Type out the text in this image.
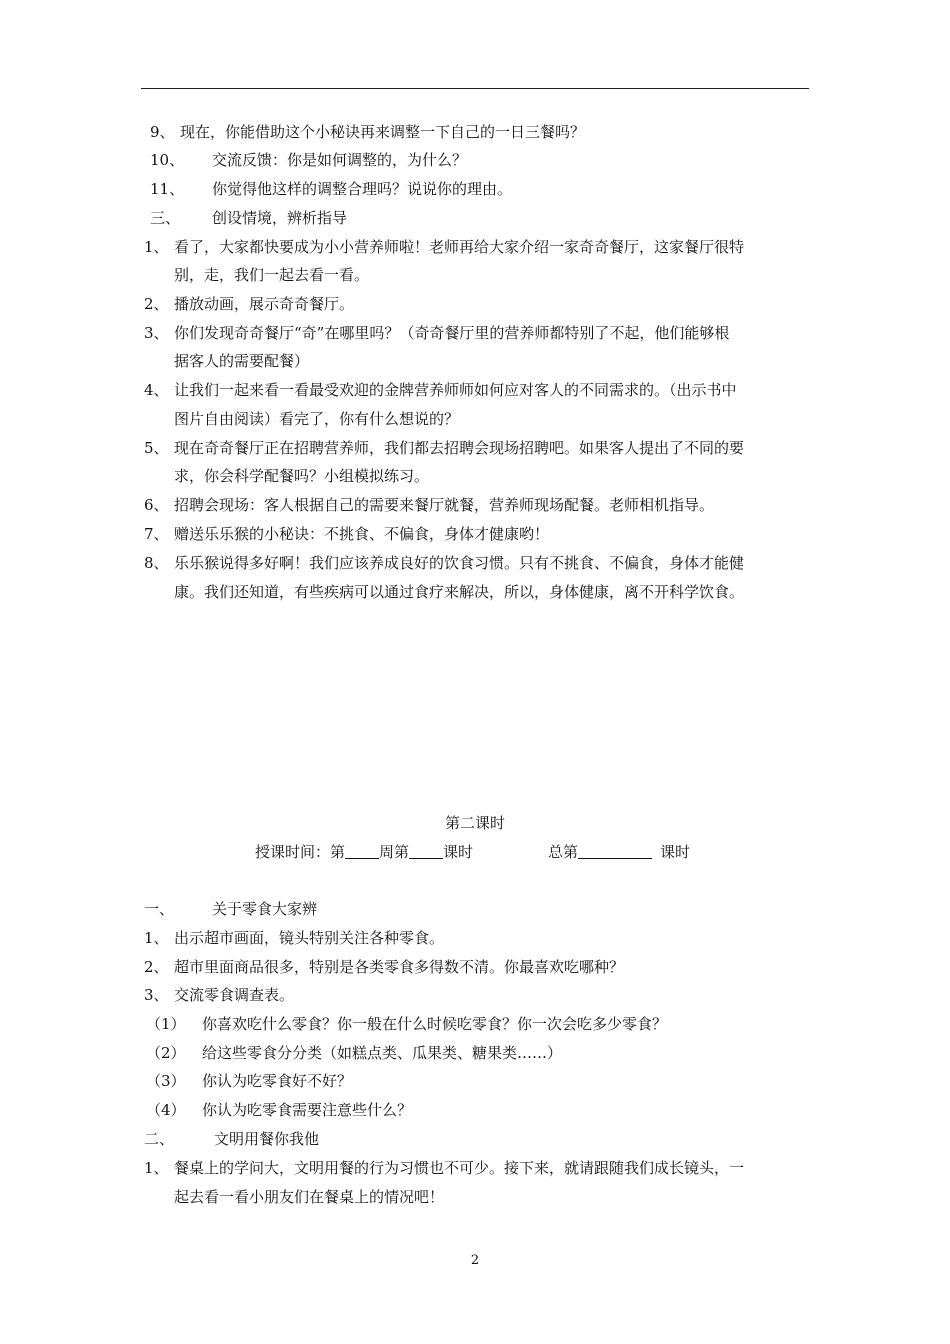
9、 现在，你能借助这个小秘诀再来调整一下自己的一日三餐吗？
10、 交流反馈：你是如何调整的，为什么？
11、 你觉得他这样的调整合理吗？说说你的理由。
三、 创设情境，辨析指导
1、 看了，大家都快要成为小小营养师啦！老师再给大家介绍一家奇奇餐厅，这家餐厅很特
别，走，我们一起去看一看。
2、 播放动画，展示奇奇餐厅。
3、 你们发现奇奇餐厅“奇”在哪里吗？（奇奇餐厅里的营养师都特别了不起，他们能够根
据客人的需要配餐）
4、 让我们一起来看一看最受欢迎的金牌营养师师如何应对客人的不同需求的。（出示书中
图片自由阅读）看完了，你有什么想说的？
5、 现在奇奇餐厅正在招聘营养师，我们都去招聘会现场招聘吧。如果客人提出了不同的要
求，你会科学配餐吗？小组模拟练习。
6、 招聘会现场：客人根据自己的需要来餐厅就餐，营养师现场配餐。老师相机指导。
7、 赠送乐乐猴的小秘诀：不挑食、不偏食，身体才健康哟！
8、 乐乐猴说得多好啊！我们应该养成良好的饮食习惯。只有不挑食、不偏食，身体才能健
康。我们还知道，有些疾病可以通过食疗来解决，所以，身体健康，离不开科学饮食。
第二课时
授课时间：第 周第 课时	总第	课时
一、	关于零食大家辨
1、 出示超市画面，镜头特别关注各种零食。
2、 超市里面商品很多，特别是各类零食多得数不清。你最喜欢吃哪种？
3、 交流零食调查表。
（1） 你喜欢吃什么零食？你一般在什么时候吃零食？你一次会吃多少零食？
（2） 给这些零食分分类（如糕点类、瓜果类、糖果类……）
（3） 你认为吃零食好不好？
（4） 你认为吃零食需要注意些什么？
二、	文明用餐你我他
1、 餐桌上的学问大，文明用餐的行为习惯也不可少。接下来，就请跟随我们成长镜头，一
起去看一看小朋友们在餐桌上的情况吧！
2
